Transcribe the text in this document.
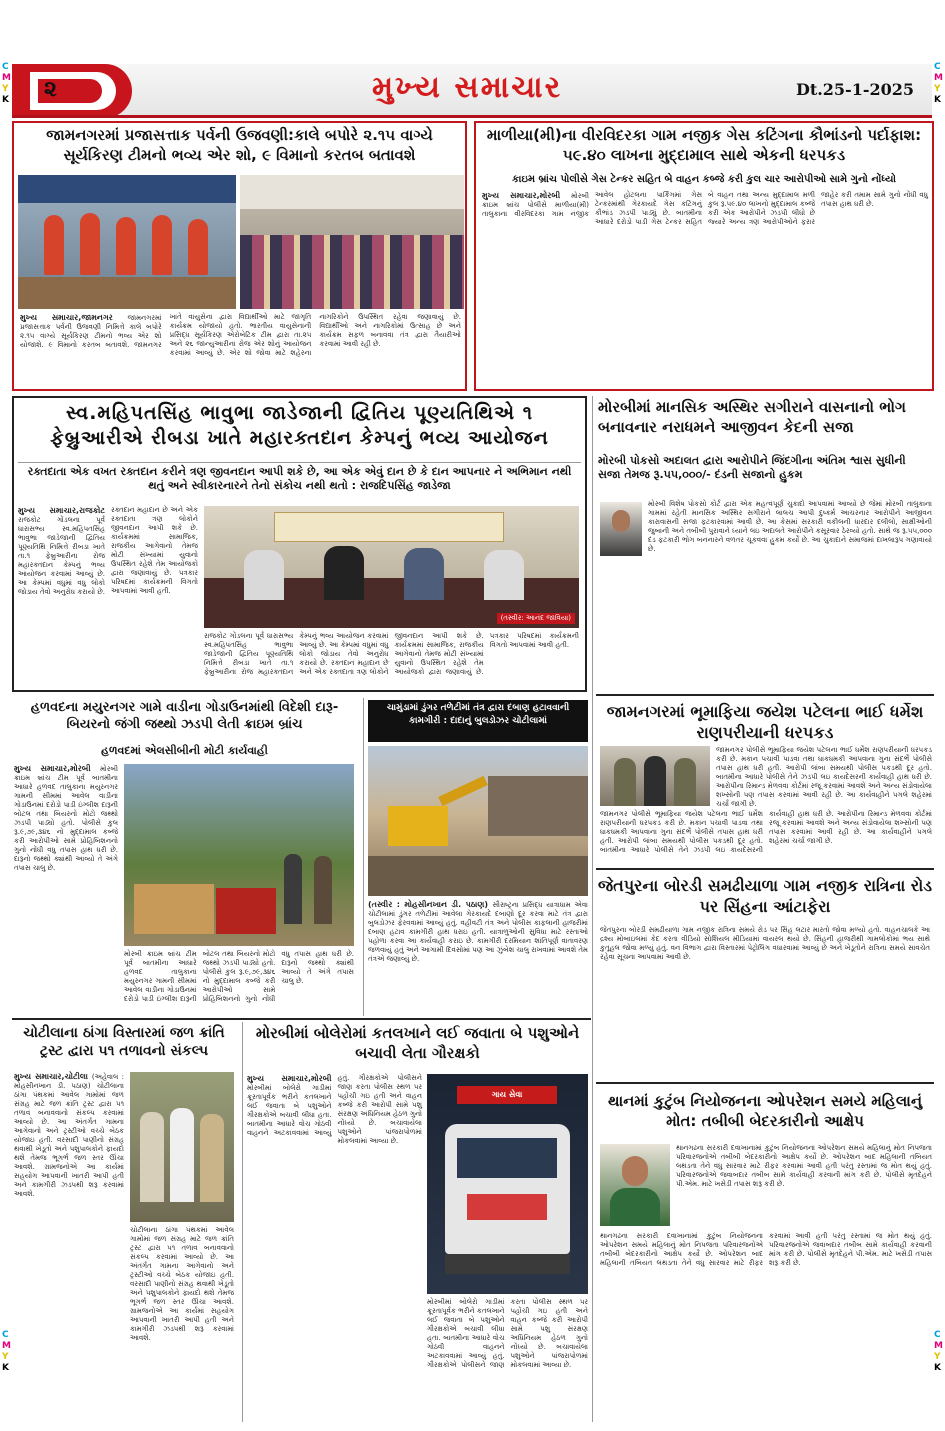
C
M
Y
K
C
M
Y
K
C
M
Y
K
C
M
Y
K
૨	મુખ્ય સમાચાર	Dt.25-1-2025
જામનગરમાં પ્રજાસત્તાક પર્વની ઉજવણી:કાલે બપોરે ૨.૧૫ વાગ્યે સૂર્યકિરણ ટીમનો ભવ્ય એર શો, ૯ વિમાનો કરતબ બતાવશે
મુખ્ય સમાચાર,જામનગર જામનગરમાં પ્રજાસત્તાક પર્વની ઉજવણી નિમિત્તે કાલે બપોરે ૨.૧૫ વાગ્યે સૂર્યકિરણ ટીમનો ભવ્ય એર શો યોજાશે. ૯ વિમાનો કરતબ બતાવશે. જામનગર ખાતે વાયુસેના દ્વારા વિદ્યાર્થીઓ માટે જાગૃતિ કાર્યક્રમ યોજાયો હતો. ભારતીય વાયુસેનાની પ્રસિદ્ધ સૂર્યકિરણ એરોબેટિક ટીમ દ્વારા તા.૨૫ અને ૨૬ જાન્યુઆરીના રોજ એર શોનું આયોજન કરવામાં આવ્યું છે. એર શો જોવા માટે શહેરના નાગરિકોને ઉપસ્થિત રહેવા જણાવાયું છે. વિદ્યાર્થીઓ અને નાગરિકોમાં ઉત્સાહ છે અને કાર્યક્રમ સફળ બનાવવા તંત્ર દ્વારા તૈયારીઓ કરવામાં આવી રહી છે.
માળીયા(મી)ના વીરવિદરકા ગામ નજીક ગેસ કટિંગના કૌભાંડનો પર્દાફાશ: ૫૯.૪૦ લાખના મુદ્દામાલ સાથે એકની ધરપકડ
કાઇમ બ્રાંચ પોલીસે ગેસ ટેન્કર સહિત બે વાહન કબ્જે કરી કુલ ચાર આરોપીઓ સામે ગુનો નોંધ્યો
મુખ્ય સમાચાર,મોરબી મોરબી ક્રાઇમ બ્રાંચ પોલીસે માળીયા(મી) તાલુકાના વીરવિદરકા ગામ નજીક આવેલ હોટલના પાર્કિંગમાં ગેસ ટેન્કરમાંથી ગેરકાયદે ગેસ કટિંગનું કૌભાંડ ઝડપી પાડ્યું છે. બાતમીના આધારે દરોડો પાડી ગેસ ટેન્કર સહિત બે વાહન તથા અન્ય મુદ્દામાલ મળી કુલ રૂ.૫૯.૪૦ લાખનો મુદ્દામાલ કબ્જે કરી એક આરોપીને ઝડપી લીધો છે જ્યારે અન્ય ત્રણ આરોપીઓને ફરાર જાહેર કરી તમામ સામે ગુનો નોંધી વધુ તપાસ હાથ ધરી છે.
સ્વ.મહિપતસિંહ ભાવુભા જાડેજાની દ્વિતિય પૂણ્યતિથિએ ૧ ફેબ્રુઆરીએ રીબડા ખાતે મહારક્તદાન કેમ્પનું ભવ્ય આયોજન
રક્તદાતા એક વખત રક્તદાન કરીને ત્રણ જીવનદાન આપી શકે છે, આ એક એવું દાન છે કે દાન આપનાર ને અભિમાન નથી થતું અને સ્વીકારનારને તેનો સંકોચ નથી થતો : રાજદિપસિંહ જાડેજા
મુખ્ય સમાચાર,રાજકોટ રાજકોટ ગોંડલના પૂર્વ ધારાસભ્ય સ્વ.મહિપતસિંહ ભાવુભા જાડેજાની દ્વિતિય પૂણ્યતિથિ નિમિત્તે રીબડા ખાતે તા.૧ ફેબ્રુઆરીના રોજ મહારક્તદાન કેમ્પનું ભવ્ય આયોજન કરવામાં આવ્યું છે. આ કેમ્પમાં વધુમાં વધુ લોકો જોડાય તેવો અનુરોધ કરાયો છે. રક્તદાન મહાદાન છે અને એક રક્તદાતા ત્રણ લોકોને જીવનદાન આપી શકે છે. કાર્યક્રમમાં સામાજિક, રાજકીય આગેવાનો તેમજ મોટી સંખ્યામાં યુવાનો ઉપસ્થિત રહેશે તેમ આયોજકો દ્વારા જણાવાયું છે. પત્રકાર પરિષદમાં કાર્યક્રમની વિગતો આપવામાં આવી હતી.
(તસ્વીર: આનંદ જાવિયા)
રાજકોટ ગોંડલના પૂર્વ ધારાસભ્ય સ્વ.મહિપતસિંહ ભાવુભા જાડેજાની દ્વિતિય પૂણ્યતિથિ નિમિત્તે રીબડા ખાતે તા.૧ ફેબ્રુઆરીના રોજ મહારક્તદાન કેમ્પનું ભવ્ય આયોજન કરવામાં આવ્યું છે. આ કેમ્પમાં વધુમાં વધુ લોકો જોડાય તેવો અનુરોધ કરાયો છે. રક્તદાન મહાદાન છે અને એક રક્તદાતા ત્રણ લોકોને જીવનદાન આપી શકે છે. કાર્યક્રમમાં સામાજિક, રાજકીય આગેવાનો તેમજ મોટી સંખ્યામાં યુવાનો ઉપસ્થિત રહેશે તેમ આયોજકો દ્વારા જણાવાયું છે. પત્રકાર પરિષદમાં કાર્યક્રમની વિગતો આપવામાં આવી હતી.
મોરબીમાં માનસિક અસ્થિર સગીરાને વાસનાનો ભોગ બનાવનાર નરાધમને આજીવન કેદની સજા
મોરબી પોકસો અદાલત દ્વારા આરોપીને જિંદગીના અંતિમ શ્વાસ સુધીની સજા તેમજ રૂ.૫૫,૦૦૦/- દંડની સજાનો હુકમ
મોરબી વિશેષ પોકસો કોર્ટ દ્વારા એક મહત્વપૂર્ણ ચુકાદો આપવામાં આવ્યો છે જેમાં મોરબી તાલુકાના ગામમાં રહેતી માનસિક અસ્થિર સગીરાને લાલચ આપી દુષ્કર્મ આચરનાર આરોપીને આજીવન કારાવાસની સજા ફટકારવામાં આવી છે. આ કેસમાં સરકારી વકીલની ધારદાર દલીલો, સાક્ષીઓની જુબાની અને તબીબી પુરાવાને ધ્યાને લઇ અદાલતે આરોપીને કસૂરવાર ઠેરવ્યો હતો. સાથે જ રૂ.૫૫,૦૦૦ દંડ ફટકારી ભોગ બનનારને વળતર ચૂકવવા હુકમ કર્યો છે. આ ચુકાદાને સમાજમાં દાખલારૂપ ગણાવાયો છે.
જામનગરમાં ભૂમાફિયા જયેશ પટેલના ભાઈ ધર્મેશ રાણપરીયાની ધરપકડ
જામનગર પોલીસે ભૂમાફિયા જયેશ પટેલના ભાઈ ધર્મેશ રાણપરીયાની ધરપકડ કરી છે. મકાન પચાવી પાડવા તથા ધાકધમકી આપવાના ગુના સંદર્ભે પોલીસે તપાસ હાથ ધરી હતી. આરોપી લાંબા સમયથી પોલીસ પકડથી દૂર હતો. બાતમીના આધારે પોલીસે તેને ઝડપી લઇ કાયદેસરની કાર્યવાહી હાથ ધરી છે. આરોપીના રિમાન્ડ મેળવવા કોર્ટમાં રજૂ કરવામાં આવશે અને અન્ય સંડોવાયેલા શખ્સોની પણ તપાસ કરવામાં આવી રહી છે. આ કાર્યવાહીને પગલે શહેરમાં ચર્ચા જાગી છે.
જામનગર પોલીસે ભૂમાફિયા જયેશ પટેલના ભાઈ ધર્મેશ રાણપરીયાની ધરપકડ કરી છે. મકાન પચાવી પાડવા તથા ધાકધમકી આપવાના ગુના સંદર્ભે પોલીસે તપાસ હાથ ધરી હતી. આરોપી લાંબા સમયથી પોલીસ પકડથી દૂર હતો. બાતમીના આધારે પોલીસે તેને ઝડપી લઇ કાયદેસરની કાર્યવાહી હાથ ધરી છે. આરોપીના રિમાન્ડ મેળવવા કોર્ટમાં રજૂ કરવામાં આવશે અને અન્ય સંડોવાયેલા શખ્સોની પણ તપાસ કરવામાં આવી રહી છે. આ કાર્યવાહીને પગલે શહેરમાં ચર્ચા જાગી છે.
હળવદના મયુરનગર ગામે વાડીના ગોડાઉનમાંથી વિદેશી દારૂ-બિયરનો જંગી જથ્થો ઝડપી લેતી ક્રાઇમ બ્રાંચ
હળવદમાં એલસીબીની મોટી કાર્યવાહી
મુખ્ય સમાચાર,મોરબી મોરબી ક્રાઇમ બ્રાંચ ટીમ પૂર્વ બાતમીના આધારે હળવદ તાલુકાના મયુરનગર ગામની સીમમાં આવેલ વાડીના ગોડાઉનમાં દરોડો પાડી ઇંગ્લીશ દારૂની બોટલ તથા બિયરનો મોટો જથ્થો ઝડપી પાડ્યો હતો. પોલીસે કુલ રૂ.૯,૭૯,૩૪૬ નો મુદ્દામાલ કબ્જે કરી આરોપીઓ સામે પ્રોહિબિશનનો ગુનો નોંધી વધુ તપાસ હાથ ધરી છે. દારૂનો જથ્થો ક્યાંથી આવ્યો તે અંગે તપાસ ચાલુ છે.
મોરબી ક્રાઇમ બ્રાંચ ટીમ પૂર્વ બાતમીના આધારે હળવદ તાલુકાના મયુરનગર ગામની સીમમાં આવેલ વાડીના ગોડાઉનમાં દરોડો પાડી ઇંગ્લીશ દારૂની બોટલ તથા બિયરનો મોટો જથ્થો ઝડપી પાડ્યો હતો. પોલીસે કુલ રૂ.૯,૭૯,૩૪૬ નો મુદ્દામાલ કબ્જે કરી આરોપીઓ સામે પ્રોહિબિશનનો ગુનો નોંધી વધુ તપાસ હાથ ધરી છે. દારૂનો જથ્થો ક્યાંથી આવ્યો તે અંગે તપાસ ચાલુ છે.
ચામુંડામાં ડુંગર તળેટીમાં તંત્ર દ્વારા દબાણ હટાવવાની કામગીરી : દાદાનું બુલડોઝર ચોટીલામાં
(તસ્વીર : મોહસીનખાન ડી. પઠાણ) સૌરાષ્ટ્રના પ્રસિદ્ધ યાત્રાધામ એવા ચોટીલામાં ડુંગર તળેટીમાં આવેલા ગેરકાયદે દબાણો દૂર કરવા માટે તંત્ર દ્વારા બુલડોઝર ફેરવવામાં આવ્યું હતું. વહીવટી તંત્ર અને પોલીસ કાફલાની હાજરીમાં દબાણ હટાવ કામગીરી હાથ ધરાઇ હતી. યાત્રાળુઓની સુવિધા માટે રસ્તાઓ પહોળા કરવા આ કાર્યવાહી કરાઇ છે. કામગીરી દરમિયાન શાંતિપૂર્ણ વાતાવરણ જળવાયું હતું અને આગામી દિવસોમાં પણ આ ઝુંબેશ ચાલુ રાખવામાં આવશે તેમ તંત્રએ જણાવ્યું છે.
જેતપુરના બોરડી સમઢીયાળા ગામ નજીક રાત્રિના રોડ પર સિંહના આંટાફેરા
જેતપુરના બોરડી સમઢીયાળા ગામ નજીક રાત્રિના સમયે રોડ પર સિંહ લટાર મારતો જોવા મળ્યો હતો. વાહનચાલકે આ દ્રશ્ય મોબાઇલમાં કેદ કરતા વીડિયો સોશિયલ મીડિયામાં વાયરલ થયો છે. સિંહની હાજરીથી ગામલોકોમાં ભય સાથે કુતૂહલ જોવા મળ્યું હતું. વન વિભાગ દ્વારા વિસ્તારમાં પેટ્રોલિંગ વધારવામાં આવ્યું છે અને ખેડૂતોને રાત્રિના સમયે સાવચેત રહેવા સૂચના આપવામાં આવી છે.
ચોટીલાના ઠાંગા વિસ્તારમાં જળ ક્રાંતિ ટ્રસ્ટ દ્વારા ૫૧ તળાવનો સંકલ્પ
મુખ્ય સમાચાર,ચોટીલા (અહેવાલ : મોહસીનખાન ડી. પઠાણ) ચોટીલાના ઠાંગા પંથકમાં આવેલ ગામોમાં જળ સંગ્રહ માટે જળ ક્રાંતિ ટ્રસ્ટ દ્વારા ૫૧ તળાવ બનાવવાનો સંકલ્પ કરવામાં આવ્યો છે. આ અંતર્ગત ગામના આગેવાનો અને ટ્રસ્ટીઓ વચ્ચે બેઠક યોજાઇ હતી. વરસાદી પાણીનો સંગ્રહ થવાથી ખેડૂતો અને પશુપાલકોને ફાયદો થશે તેમજ ભૂગર્ભ જળ સ્તર ઊંચા આવશે. ગ્રામજનોએ આ કાર્યમાં સહયોગ આપવાની ખાતરી આપી હતી અને કામગીરી ઝડપથી શરૂ કરવામાં આવશે.
ચોટીલાના ઠાંગા પંથકમાં આવેલ ગામોમાં જળ સંગ્રહ માટે જળ ક્રાંતિ ટ્રસ્ટ દ્વારા ૫૧ તળાવ બનાવવાનો સંકલ્પ કરવામાં આવ્યો છે. આ અંતર્ગત ગામના આગેવાનો અને ટ્રસ્ટીઓ વચ્ચે બેઠક યોજાઇ હતી. વરસાદી પાણીનો સંગ્રહ થવાથી ખેડૂતો અને પશુપાલકોને ફાયદો થશે તેમજ ભૂગર્ભ જળ સ્તર ઊંચા આવશે. ગ્રામજનોએ આ કાર્યમાં સહયોગ આપવાની ખાતરી આપી હતી અને કામગીરી ઝડપથી શરૂ કરવામાં આવશે.
મોરબીમાં બોલેરોમાં કતલખાને લઈ જવાતા બે પશુઓને બચાવી લેતા ગૌરક્ષકો
મુખ્ય સમાચાર,મોરબી મોરબીમાં બોલેરો ગાડીમાં ક્રૂરતાપૂર્વક ભરીને કતલખાને લઈ જવાતા બે પશુઓને ગૌરક્ષકોએ બચાવી લીધા હતા. બાતમીના આધારે વોચ ગોઠવી વાહનને અટકાવવામાં આવ્યું હતું. ગૌરક્ષકોએ પોલીસને જાણ કરતા પોલીસ સ્થળ પર પહોંચી ગઇ હતી અને વાહન કબ્જે કરી આરોપી સામે પશુ સંરક્ષણ અધિનિયમ હેઠળ ગુનો નોંધ્યો છે. બચાવાયેલા પશુઓને પાંજરાપોળમાં મોકલવામાં આવ્યા છે.
ગાય સેવા
મોરબીમાં બોલેરો ગાડીમાં ક્રૂરતાપૂર્વક ભરીને કતલખાને લઈ જવાતા બે પશુઓને ગૌરક્ષકોએ બચાવી લીધા હતા. બાતમીના આધારે વોચ ગોઠવી વાહનને અટકાવવામાં આવ્યું હતું. ગૌરક્ષકોએ પોલીસને જાણ કરતા પોલીસ સ્થળ પર પહોંચી ગઇ હતી અને વાહન કબ્જે કરી આરોપી સામે પશુ સંરક્ષણ અધિનિયમ હેઠળ ગુનો નોંધ્યો છે. બચાવાયેલા પશુઓને પાંજરાપોળમાં મોકલવામાં આવ્યા છે.
થાનમાં કુટુંબ નિયોજનના ઓપરેશન સમયે મહિલાનું મોત: તબીબી બેદરકારીનો આક્ષેપ
થાનગઢના સરકારી દવાખાનામાં કુટુંબ નિયોજનના ઓપરેશન સમયે મહિલાનું મોત નિપજતા પરિવારજનોએ તબીબી બેદરકારીનો આક્ષેપ કર્યો છે. ઓપરેશન બાદ મહિલાની તબિયત લથડતા તેને વધુ સારવાર માટે રીફર કરવામાં આવી હતી પરંતુ રસ્તામાં જ મોત થયું હતું. પરિવારજનોએ જવાબદાર તબીબ સામે કાર્યવાહી કરવાની માંગ કરી છે. પોલીસે મૃતદેહને પી.એમ. માટે ખસેડી તપાસ શરૂ કરી છે.
થાનગઢના સરકારી દવાખાનામાં કુટુંબ નિયોજનના ઓપરેશન સમયે મહિલાનું મોત નિપજતા પરિવારજનોએ તબીબી બેદરકારીનો આક્ષેપ કર્યો છે. ઓપરેશન બાદ મહિલાની તબિયત લથડતા તેને વધુ સારવાર માટે રીફર કરવામાં આવી હતી પરંતુ રસ્તામાં જ મોત થયું હતું. પરિવારજનોએ જવાબદાર તબીબ સામે કાર્યવાહી કરવાની માંગ કરી છે. પોલીસે મૃતદેહને પી.એમ. માટે ખસેડી તપાસ શરૂ કરી છે.
